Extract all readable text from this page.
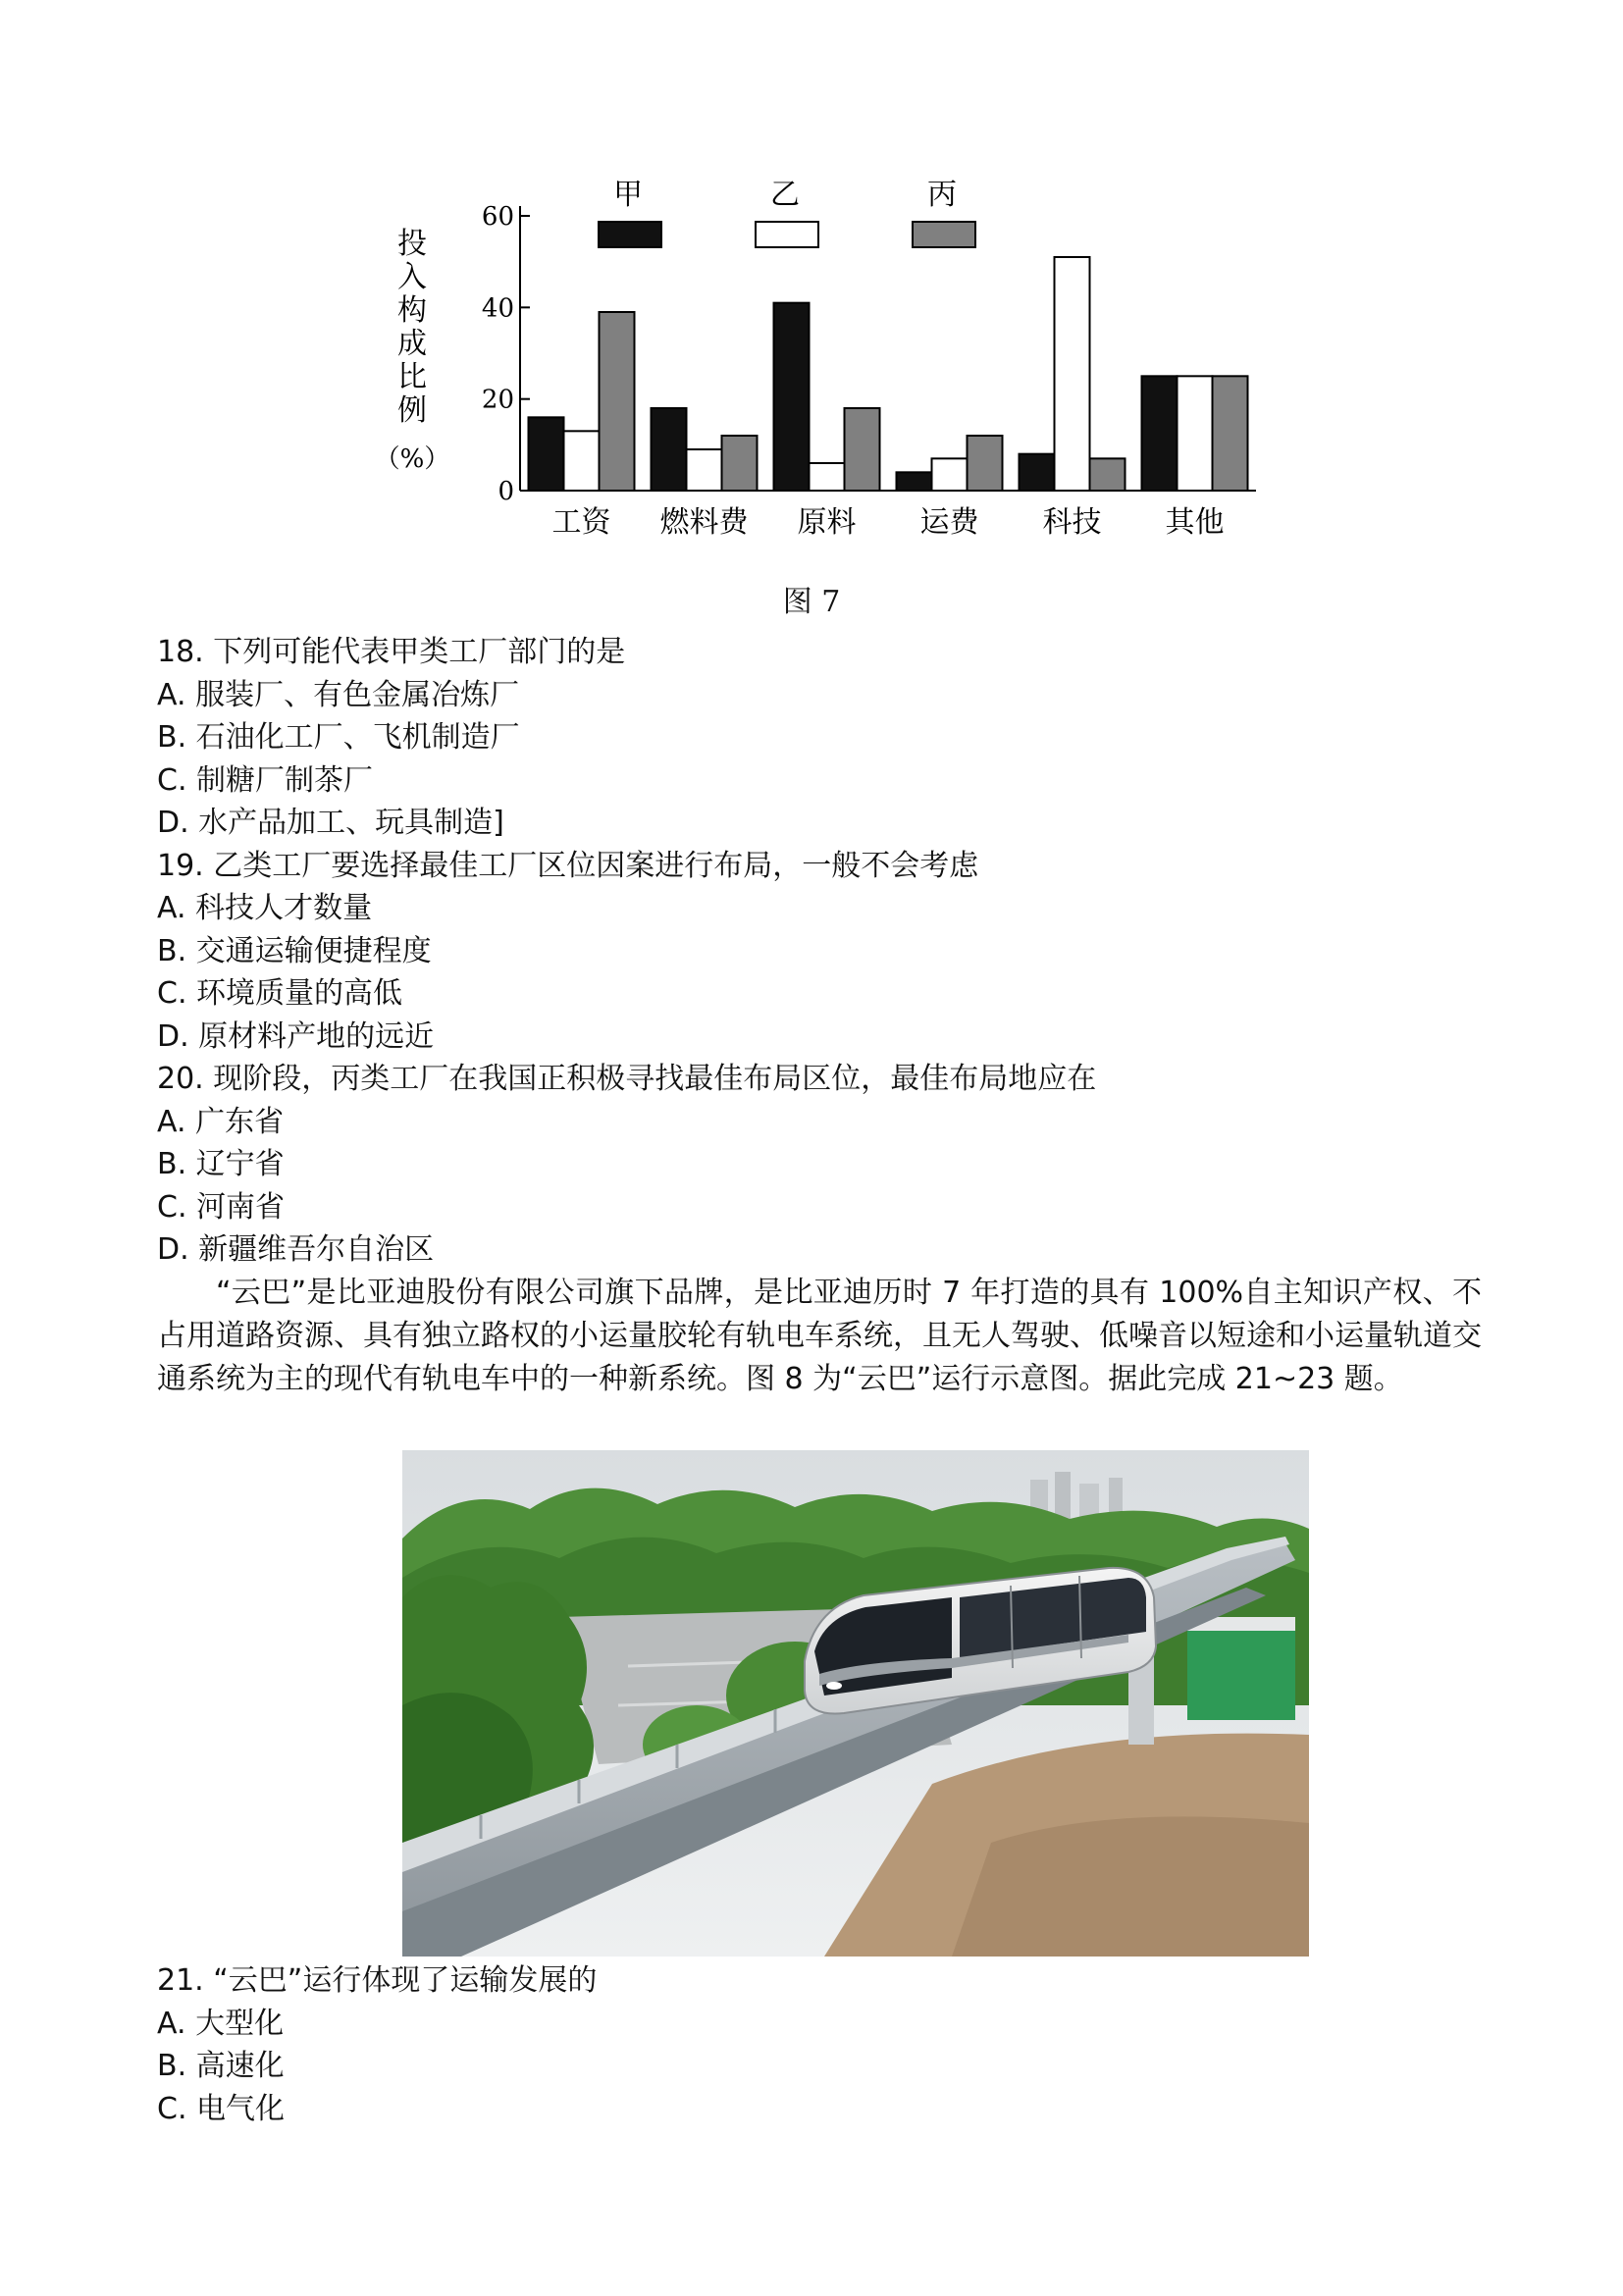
0
20
40
60
投
入
构
成
比
例
（%）
工资 燃料费 原料 运费 科技 其他
甲	乙	丙
图 7
18. 下列可能代表甲类工厂部门的是
A. 服装厂、有色金属冶炼厂
B. 石油化工厂、飞机制造厂
C. 制糖厂制茶厂
D. 水产品加工、玩具制造]
19. 乙类工厂要选择最佳工厂区位因案进行布局，一般不会考虑
A. 科技人才数量
B. 交通运输便捷程度
C. 环境质量的高低
D. 原材料产地的远近
20. 现阶段，丙类工厂在我国正积极寻找最佳布局区位，最佳布局地应在
A. 广东省
B. 辽宁省
C. 河南省
D. 新疆维吾尔自治区

“云巴”是比亚迪股份有限公司旗下品牌，是比亚迪历时 7 年打造的具有 100%自主知识产权、不占用道路资源、具有独立路权的小运量胶轮有轨电车系统，且无人驾驶、低噪音以短途和小运量轨道交通系统为主的现代有轨电车中的一种新系统。图 8 为“云巴”运行示意图。据此完成 21~23 题。

21. “云巴”运行体现了运输发展的
A. 大型化
B. 高速化
C. 电气化
